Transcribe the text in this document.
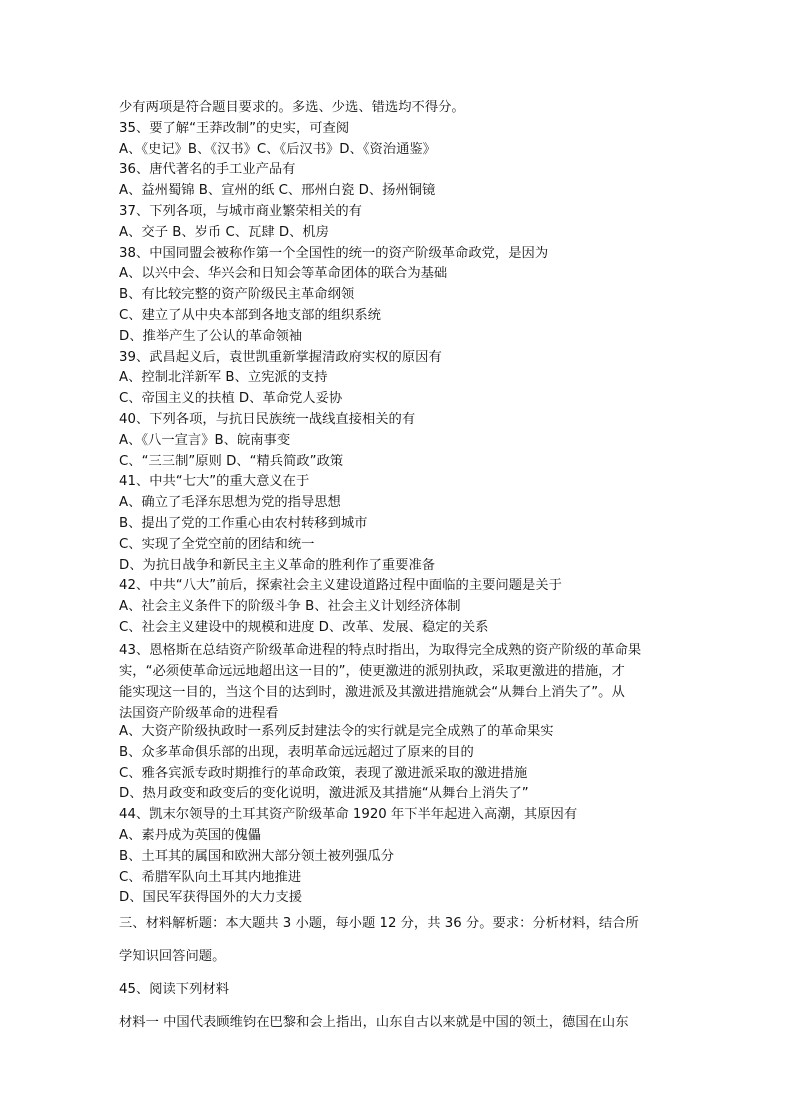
少有两项是符合题目要求的。多选、少选、错选均不得分。
35、要了解“王莽改制”的史实，可查阅
A、《史记》B、《汉书》C、《后汉书》D、《资治通鉴》
36、唐代著名的手工业产品有
A、益州蜀锦 B、宣州的纸 C、邢州白瓷 D、扬州铜镜
37、下列各项，与城市商业繁荣相关的有
A、交子 B、岁币 C、瓦肆 D、机房
38、中国同盟会被称作第一个全国性的统一的资产阶级革命政党，是因为
A、以兴中会、华兴会和日知会等革命团体的联合为基础
B、有比较完整的资产阶级民主革命纲领
C、建立了从中央本部到各地支部的组织系统
D、推举产生了公认的革命领袖
39、武昌起义后，袁世凯重新掌握清政府实权的原因有
A、控制北洋新军 B、立宪派的支持
C、帝国主义的扶植 D、革命党人妥协
40、下列各项，与抗日民族统一战线直接相关的有
A、《八一宣言》B、皖南事变
C、“三三制”原则 D、“精兵简政”政策
41、中共“七大”的重大意义在于
A、确立了毛泽东思想为党的指导思想
B、提出了党的工作重心由农村转移到城市
C、实现了全党空前的团结和统一
D、为抗日战争和新民主主义革命的胜利作了重要准备
42、中共“八大”前后，探索社会主义建设道路过程中面临的主要问题是关于
A、社会主义条件下的阶级斗争 B、社会主义计划经济体制
C、社会主义建设中的规模和进度 D、改革、发展、稳定的关系
43、恩格斯在总结资产阶级革命进程的特点时指出，为取得完全成熟的资产阶级的革命果
实，“必须使革命远远地超出这一目的”，使更激进的派别执政，采取更激进的措施，才
能实现这一目的，当这个目的达到时，激进派及其激进措施就会“从舞台上消失了”。从
法国资产阶级革命的进程看
A、大资产阶级执政时一系列反封建法令的实行就是完全成熟了的革命果实
B、众多革命俱乐部的出现，表明革命远远超过了原来的目的
C、雅各宾派专政时期推行的革命政策，表现了激进派采取的激进措施
D、热月政变和政变后的变化说明，激进派及其措施“从舞台上消失了”
44、凯末尔领导的土耳其资产阶级革命 1920 年下半年起进入高潮，其原因有
A、素丹成为英国的傀儡
B、土耳其的属国和欧洲大部分领土被列强瓜分
C、希腊军队向土耳其内地推进
D、国民军获得国外的大力支援
三、材料解析题：本大题共 3 小题，每小题 12 分，共 36 分。要求：分析材料，结合所
学知识回答问题。
45、阅读下列材料
材料一 中国代表顾维钧在巴黎和会上指出，山东自古以来就是中国的领土，德国在山东
